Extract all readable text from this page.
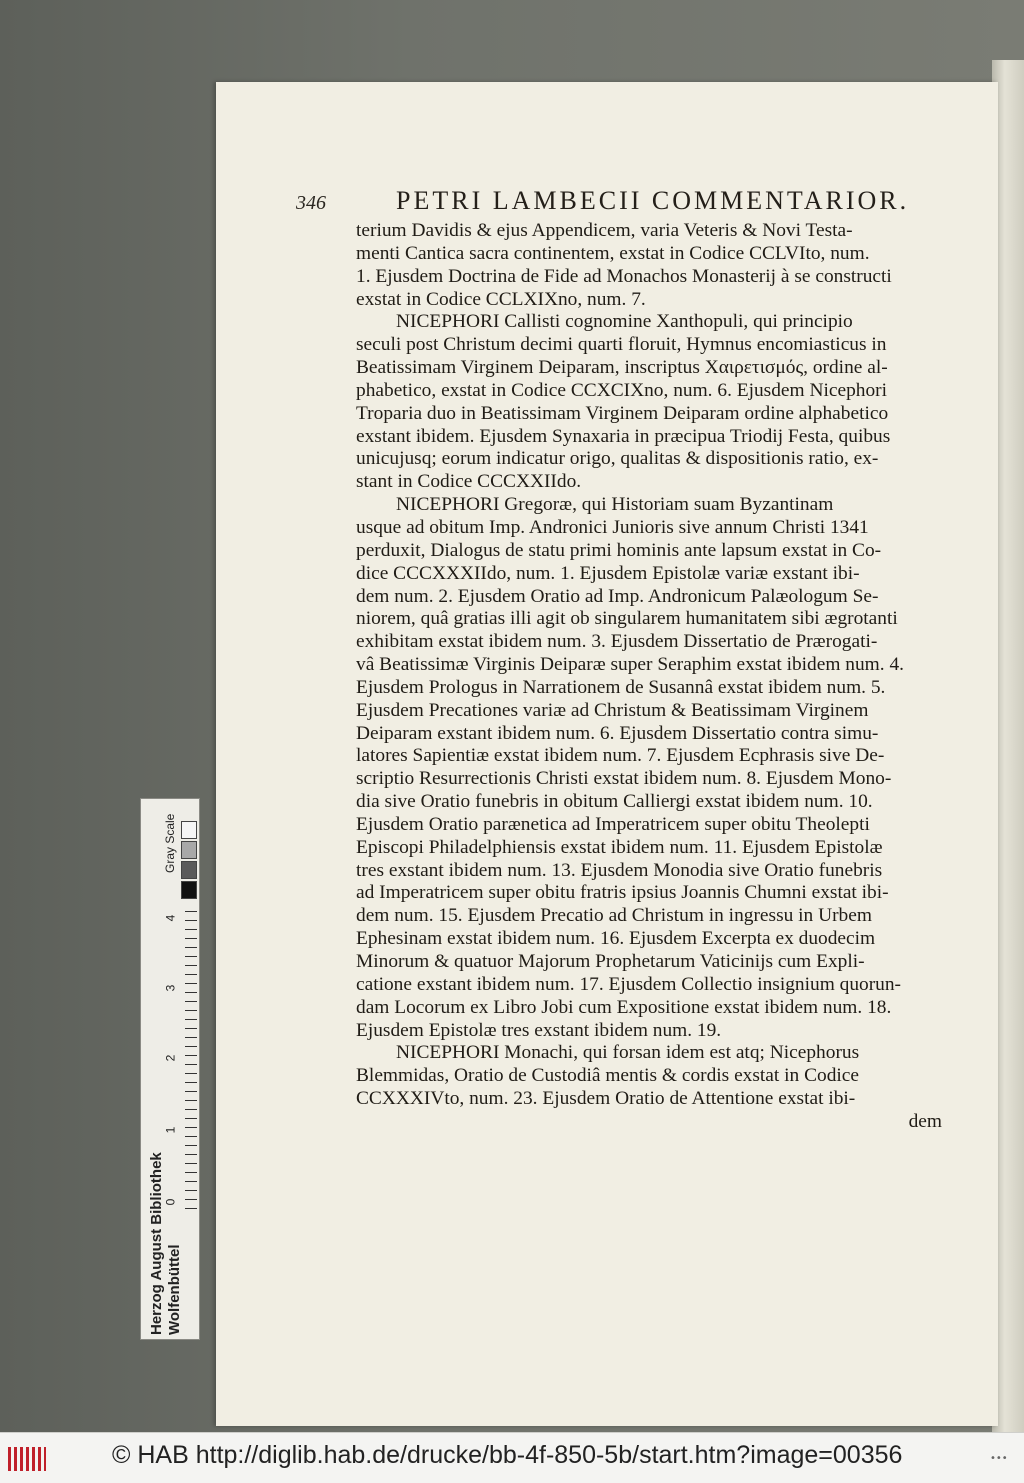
346	PETRI LAMBECII COMMENTARIOR.
terium Davidis & ejus Appendicem, varia Veteris & Novi Testa-
menti Cantica sacra continentem, exstat in Codice CCLVIto, num.
1. Ejusdem Doctrina de Fide ad Monachos Monasterij à se constructi
exstat in Codice CCLXIXno, num. 7.
NICEPHORI Callisti cognomine Xanthopuli, qui principio
seculi post Christum decimi quarti floruit, Hymnus encomiasticus in
Beatissimam Virginem Deiparam, inscriptus Χαιρετισμός, ordine al-
phabetico, exstat in Codice CCXCIXno, num. 6. Ejusdem Nicephori
Troparia duo in Beatissimam Virginem Deiparam ordine alphabetico
exstant ibidem. Ejusdem Synaxaria in præcipua Triodij Festa, quibus
unicujusq; eorum indicatur origo, qualitas & dispositionis ratio, ex-
stant in Codice CCCXXIIdo.
NICEPHORI Gregoræ, qui Historiam suam Byzantinam
usque ad obitum Imp. Andronici Junioris sive annum Christi 1341
perduxit, Dialogus de statu primi hominis ante lapsum exstat in Co-
dice CCCXXXIIdo, num. 1. Ejusdem Epistolæ variæ exstant ibi-
dem num. 2. Ejusdem Oratio ad Imp. Andronicum Palæologum Se-
niorem, quâ gratias illi agit ob singularem humanitatem sibi ægrotanti
exhibitam exstat ibidem num. 3. Ejusdem Dissertatio de Prærogati-
vâ Beatissimæ Virginis Deiparæ super Seraphim exstat ibidem num. 4.
Ejusdem Prologus in Narrationem de Susannâ exstat ibidem num. 5.
Ejusdem Precationes variæ ad Christum & Beatissimam Virginem
Deiparam exstant ibidem num. 6. Ejusdem Dissertatio contra simu-
latores Sapientiæ exstat ibidem num. 7. Ejusdem Ecphrasis sive De-
scriptio Resurrectionis Christi exstat ibidem num. 8. Ejusdem Mono-
dia sive Oratio funebris in obitum Calliergi exstat ibidem num. 10.
Ejusdem Oratio parænetica ad Imperatricem super obitu Theolepti
Episcopi Philadelphiensis exstat ibidem num. 11. Ejusdem Epistolæ
tres exstant ibidem num. 13. Ejusdem Monodia sive Oratio funebris
ad Imperatricem super obitu fratris ipsius Joannis Chumni exstat ibi-
dem num. 15. Ejusdem Precatio ad Christum in ingressu in Urbem
Ephesinam exstat ibidem num. 16. Ejusdem Excerpta ex duodecim
Minorum & quatuor Majorum Prophetarum Vaticinijs cum Expli-
catione exstant ibidem num. 17. Ejusdem Collectio insignium quorun-
dam Locorum ex Libro Jobi cum Expositione exstat ibidem num. 18.
Ejusdem Epistolæ tres exstant ibidem num. 19.
NICEPHORI Monachi, qui forsan idem est atq; Nicephorus
Blemmidas, Oratio de Custodiâ mentis & cordis exstat in Codice
CCXXXIVto, num. 23. Ejusdem Oratio de Attentione exstat ibi-
dem
Gray Scale
0
1
2
3
4
Herzog August Bibliothek Wolfenbüttel
© HAB http://diglib.hab.de/drucke/bb-4f-850-5b/start.htm?image=00356	•••
